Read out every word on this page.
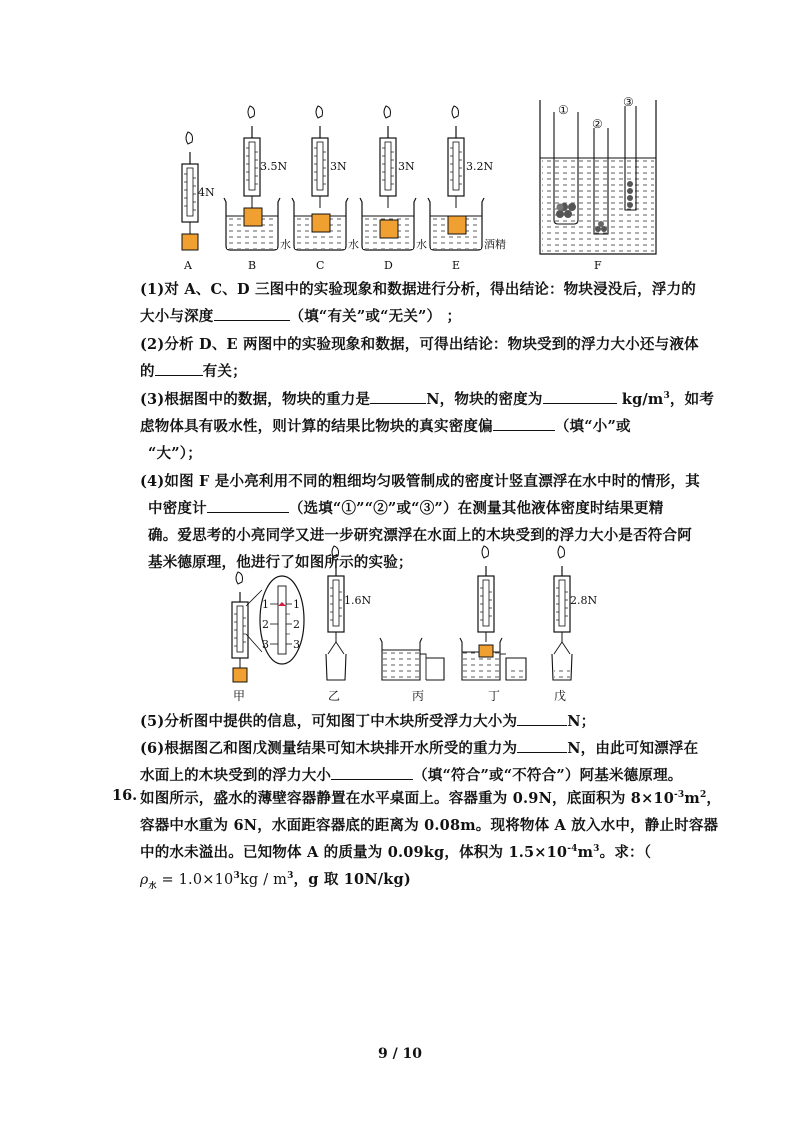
4N
A
3.5N
水
B
3N
水
C
3N
水
D
3.2N
酒精
E
①
②
③
F
(1)对 A、C、D 三图中的实验现象和数据进行分析，得出结论：物块浸没后，浮力的
大小与深度	（填“有关”或“无关”） ；
(2)分析 D、E 两图中的实验现象和数据，可得出结论：物块受到的浮力大小还与液体
的	有关；
(3)根据图中的数据，物块的重力是	N，物块的密度为	$kg/m^3$，如考
虑物体具有吸水性，则计算的结果比物块的真实密度偏	（填“小”或
“大”）；
(4)如图 F 是小亮利用不同的粗细均匀吸管制成的密度计竖直漂浮在水中时的情形，其
中密度计	（选填“①”“②”或“③”）在测量其他液体密度时结果更精
确。爱思考的小亮同学又进一步研究漂浮在水面上的木块受到的浮力大小是否符合阿
基米德原理，他进行了如图所示的实验；
甲
1
2
3
1
2
3
1.6N
乙	丙	丁
2.8N
戊
(5)分析图中提供的信息，可知图丁中木块所受浮力大小为	N；
(6)根据图乙和图戊测量结果可知木块排开水所受的重力为	N，由此可知漂浮在
水面上的木块受到的浮力大小	（填“符合”或“不符合”）阿基米德原理。
16. 如图所示，盛水的薄壁容器静置在水平桌面上。容器重为 0.9N，底面积为 $8\times 10^{-3}m^2$，
容器中水重为 6N，水面距容器底的距离为 0.08m。现将物体 A 放入水中，静止时容器
中的水未溢出。已知物体 A 的质量为 0.09kg，体积为 $1.5\times 10^{-4}m^3$。求：（
$\rho_水 = 1.0\times 10^3kg / m^3$，g 取 10N/kg)
9 / 10
